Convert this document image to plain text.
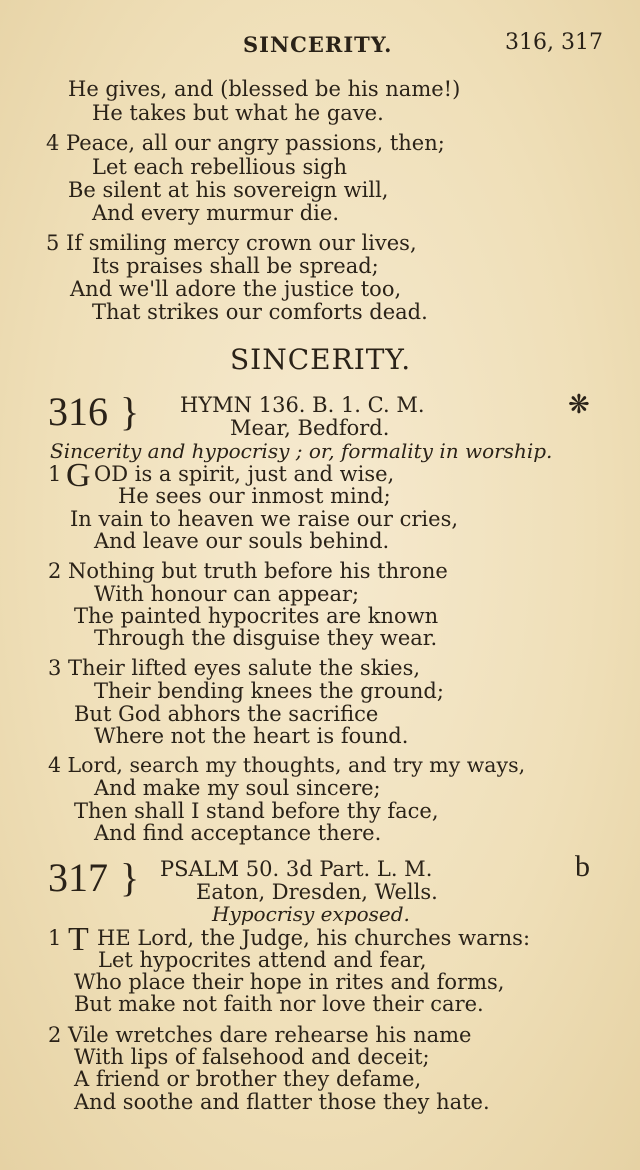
SINCERITY.	316, 317
He gives, and (blessed be his name!)
He takes but what he gave.
4 Peace, all our angry passions, then;
Let each rebellious sigh
Be silent at his sovereign will,
And every murmur die.
5 If smiling mercy crown our lives,
Its praises shall be spread;
And we'll adore the justice too,
That strikes our comforts dead.
SINCERITY.
316 } HYMN 136. B. 1. C. M.	❋
Mear, Bedford.
Sincerity and hypocrisy ; or, formality in worship.
1 G OD is a spirit, just and wise,
He sees our inmost mind;
In vain to heaven we raise our cries,
And leave our souls behind.
2 Nothing but truth before his throne
With honour can appear;
The painted hypocrites are known
Through the disguise they wear.
3 Their lifted eyes salute the skies,
Their bending knees the ground;
But God abhors the sacrifice
Where not the heart is found.
4 Lord, search my thoughts, and try my ways,
And make my soul sincere;
Then shall I stand before thy face,
And find acceptance there.
317 } PSALM 50. 3d Part. L. M.	b
Eaton, Dresden, Wells.
Hypocrisy exposed.
1 T HE Lord, the Judge, his churches warns:
Let hypocrites attend and fear,
Who place their hope in rites and forms,
But make not faith nor love their care.
2 Vile wretches dare rehearse his name
With lips of falsehood and deceit;
A friend or brother they defame,
And soothe and flatter those they hate.
